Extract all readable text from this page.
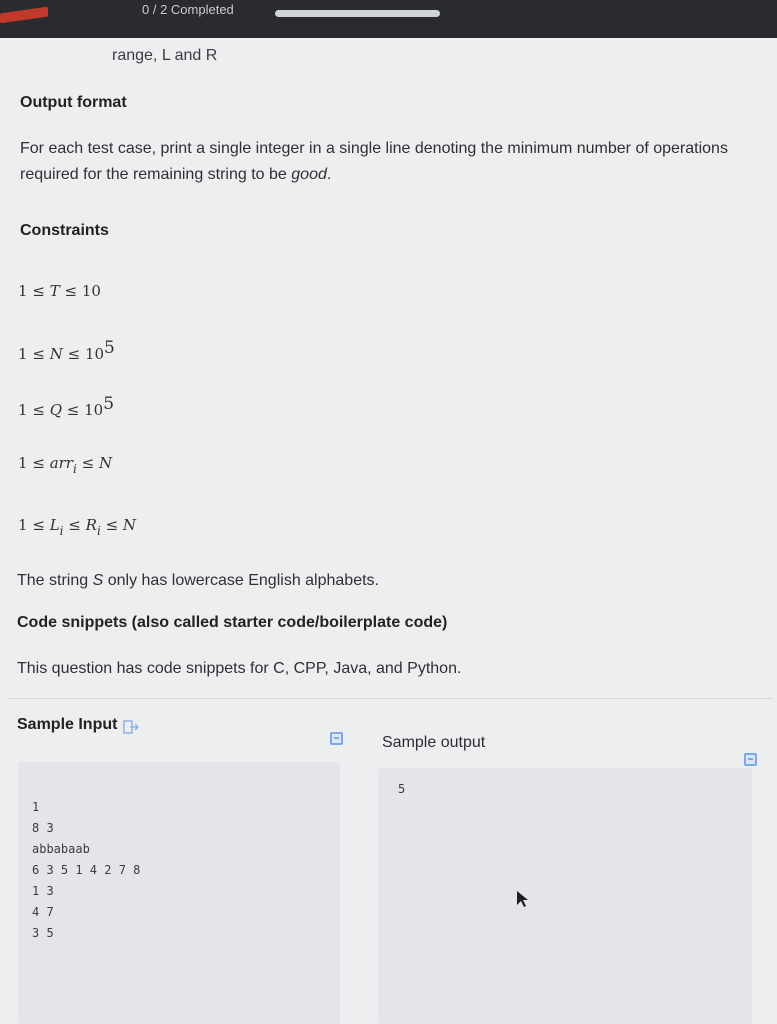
0 / 2 Completed
range, L and R
Output format
For each test case, print a single integer in a single line denoting the minimum number of operations required for the remaining string to be good.
Constraints
1 ≤ T ≤ 10
$1 \le N \le 10^5$
$1 \le Q \le 10^5$
1 ≤ arr$_i$ ≤ N
$1 \le L_i \le R_i \le N$
The string S only has lowercase English alphabets.
Code snippets (also called starter code/boilerplate code)
This question has code snippets for C, CPP, Java, and Python.
Sample Input
Sample output
1
8 3
abbabaab
6 3 5 1 4 2 7 8
1 3
4 7
3 5
5
